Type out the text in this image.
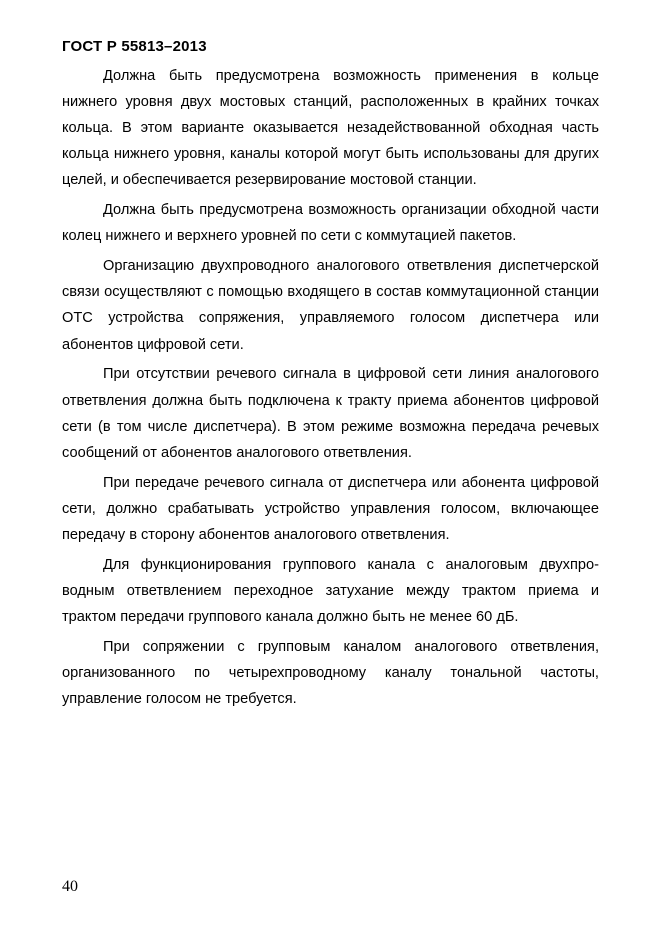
ГОСТ Р 55813–2013

Должна быть предусмотрена возможность применения в кольце нижнего уровня двух мостовых станций, расположенных в крайних точках кольца. В этом варианте оказывается незадействованной обходная часть кольца нижнего уровня, каналы которой могут быть использованы для других целей, и обеспечивается резервирование мостовой станции.

Должна быть предусмотрена возможность организации обходной части колец нижнего и верхнего уровней по сети с коммутацией пакетов.

Организацию двухпроводного аналогового ответвления диспетчерской связи осуществляют с помощью входящего в состав коммутационной станции ОТС устройства сопряжения, управляемого голосом диспетчера или абонентов цифровой сети.

При отсутствии речевого сигнала в цифровой сети линия аналогового ответвления должна быть подключена к тракту приема абонентов цифровой сети (в том числе диспетчера). В этом режиме возможна передача речевых сообщений от абонентов аналогового ответвления.

При передаче речевого сигнала от диспетчера или абонента цифровой сети, должно срабатывать устройство управления голосом, включающее передачу в сторону абонентов аналогового ответвления.

Для функционирования группового канала с аналоговым двухпроводным ответвлением переходное затухание между трактом приема и трактом передачи группового канала должно быть не менее 60 дБ.

При сопряжении с групповым каналом аналогового ответвления, организованного по четырехпроводному каналу тональной частоты, управление голосом не требуется.

40
